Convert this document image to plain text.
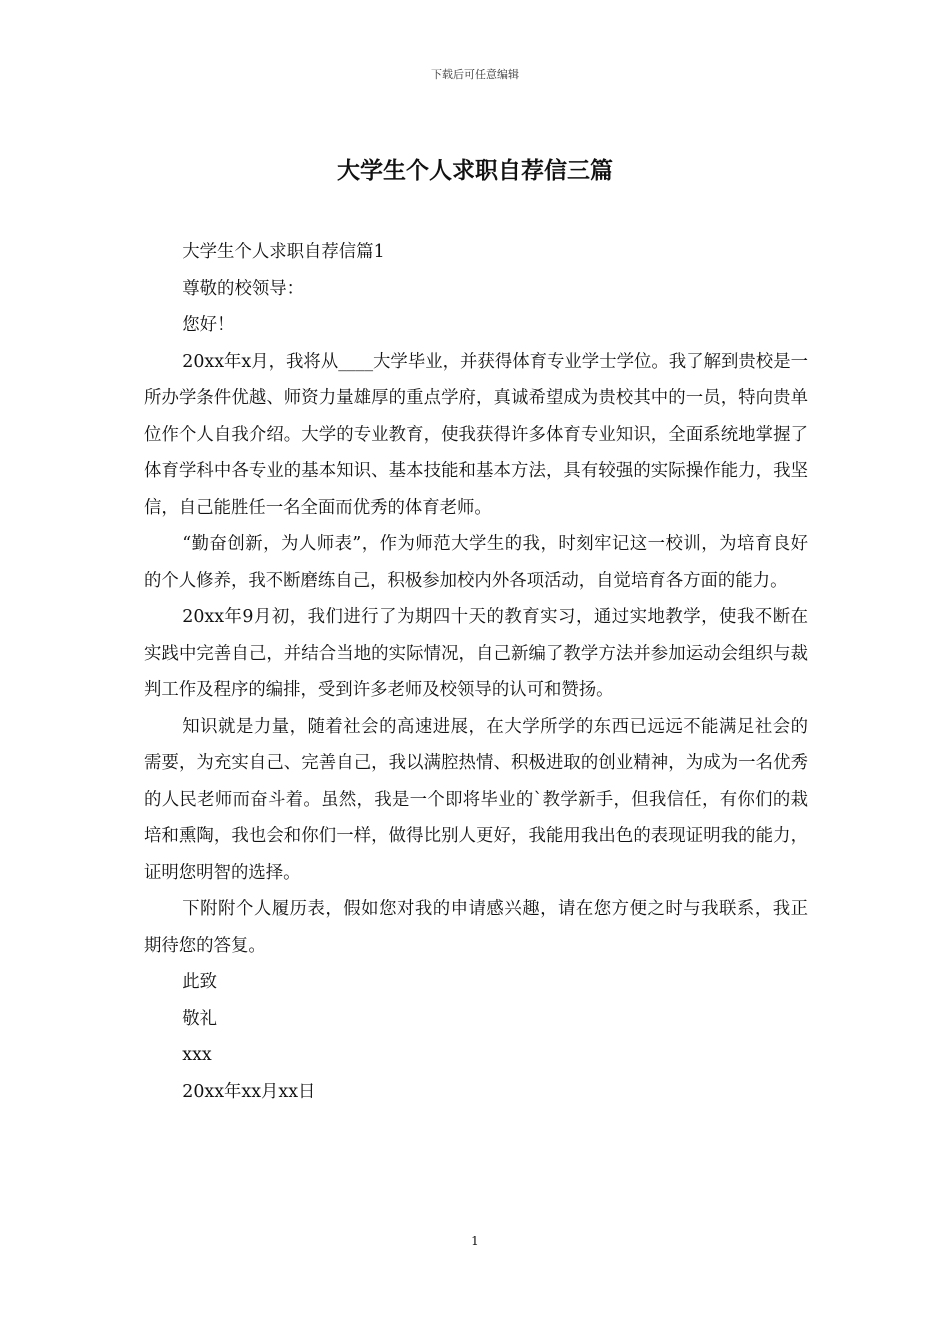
下载后可任意编辑
大学生个人求职自荐信三篇

大学生个人求职自荐信篇1

尊敬的校领导：

您好！

20xx年x月，我将从____大学毕业，并获得体育专业学士学位。我了解到贵校是一所办学条件优越、师资力量雄厚的重点学府，真诚希望成为贵校其中的一员，特向贵单位作个人自我介绍。大学的专业教育，使我获得许多体育专业知识，全面系统地掌握了体育学科中各专业的基本知识、基本技能和基本方法，具有较强的实际操作能力，我坚信，自己能胜任一名全面而优秀的体育老师。

“勤奋创新，为人师表”，作为师范大学生的我，时刻牢记这一校训，为培育良好的个人修养，我不断磨练自己，积极参加校内外各项活动，自觉培育各方面的能力。

20xx年9月初，我们进行了为期四十天的教育实习，通过实地教学，使我不断在实践中完善自己，并结合当地的实际情况，自己新编了教学方法并参加运动会组织与裁判工作及程序的编排，受到许多老师及校领导的认可和赞扬。

知识就是力量，随着社会的高速进展，在大学所学的东西已远远不能满足社会的需要，为充实自己、完善自己，我以满腔热情、积极进取的创业精神，为成为一名优秀的人民老师而奋斗着。虽然，我是一个即将毕业的`教学新手，但我信任，有你们的栽培和熏陶，我也会和你们一样，做得比别人更好，我能用我出色的表现证明我的能力，证明您明智的选择。

下附附个人履历表，假如您对我的申请感兴趣，请在您方便之时与我联系，我正期待您的答复。

此致

敬礼

xxx

20xx年xx月xx日

1
